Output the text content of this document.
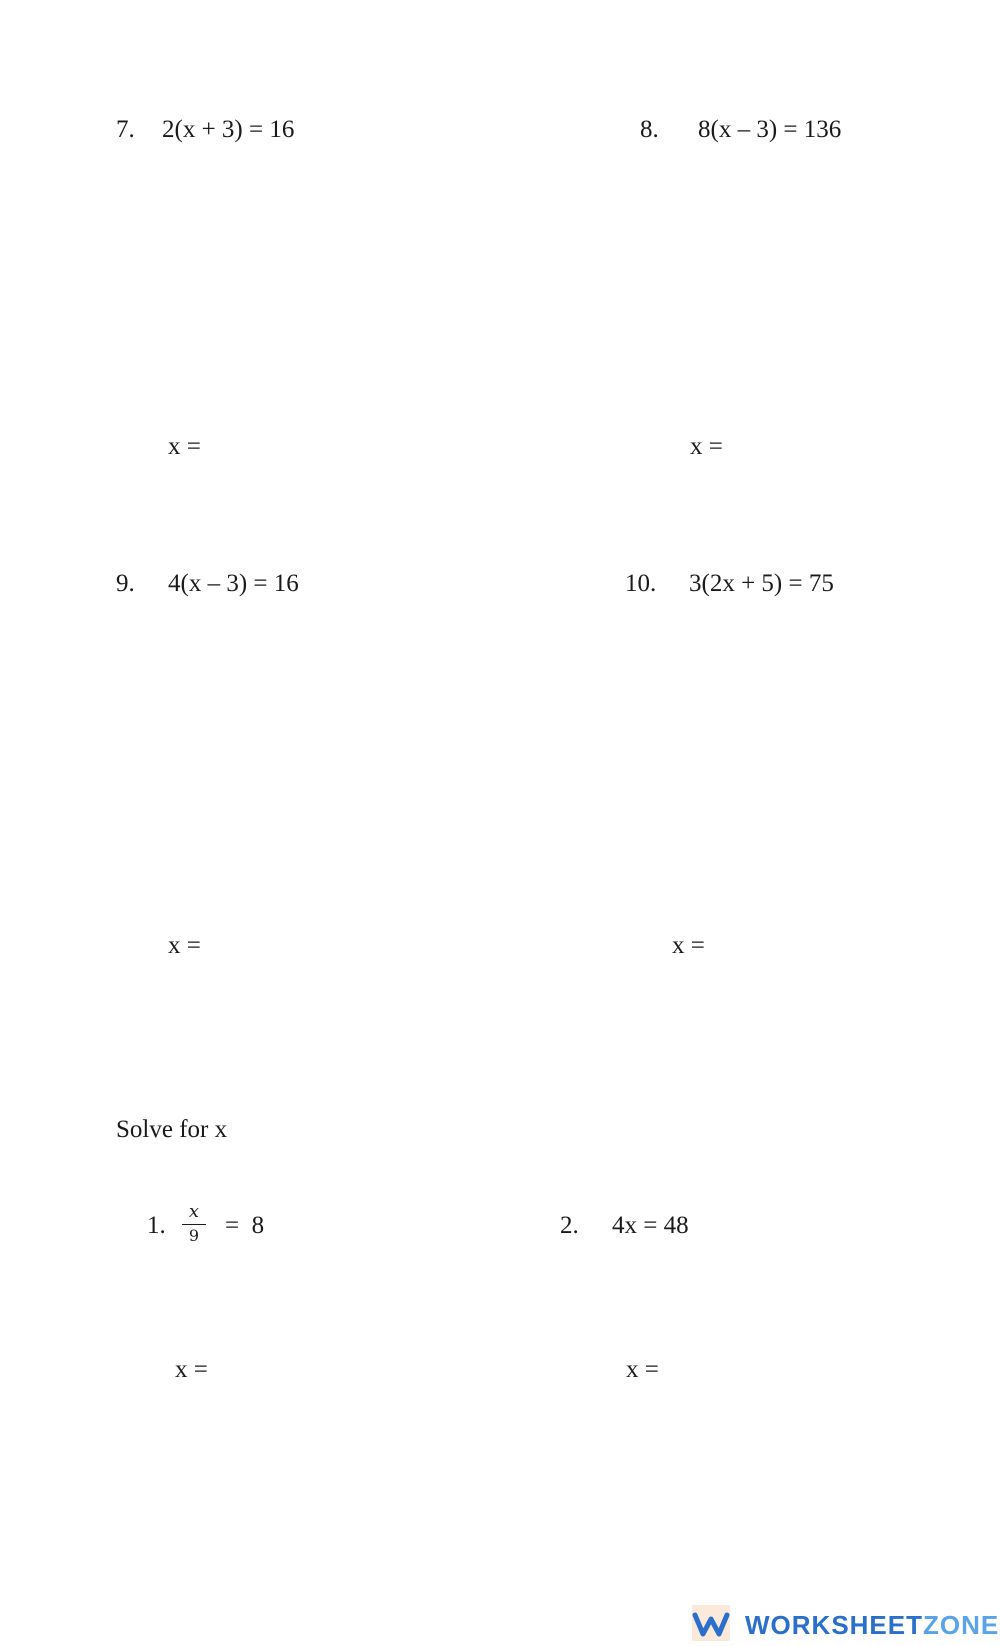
7. 2(x + 3) = 16
x =
8. 8(x – 3) = 136
x =
9. 4(x – 3) = 16
x =
10. 3(2x + 5) = 75
x =
Solve for x
1.
x
9 =  8
x =
2. 4x = 48
x =
WORKSHEETZONE
